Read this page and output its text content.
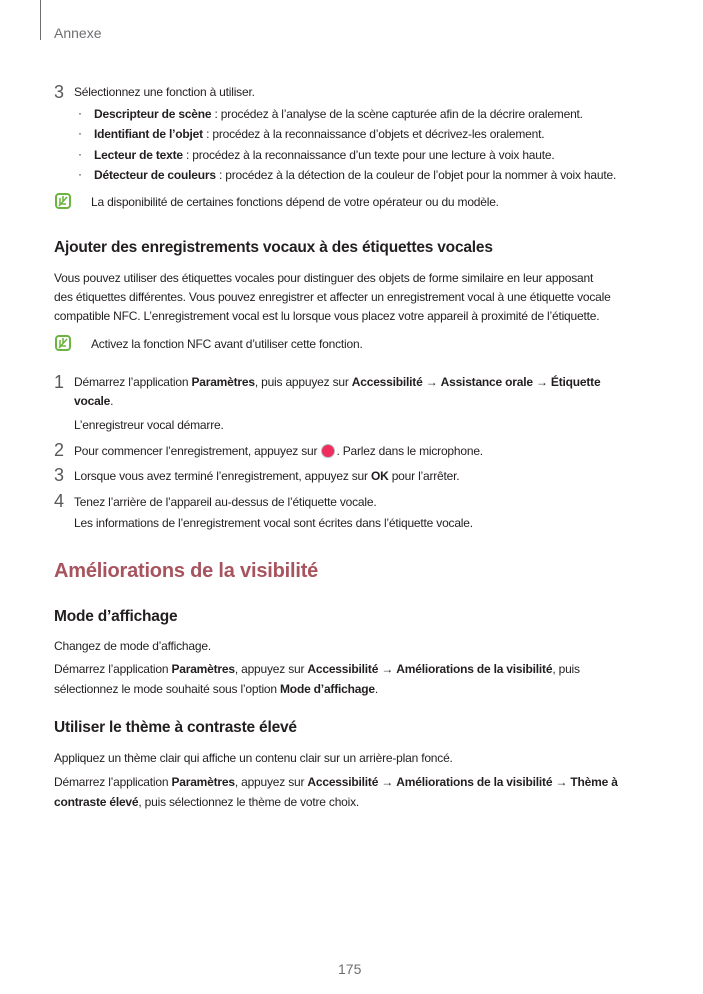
Annexe
3 Sélectionnez une fonction à utiliser.
· Descripteur de scène : procédez à l’analyse de la scène capturée afin de la décrire oralement.
· Identifiant de l’objet : procédez à la reconnaissance d’objets et décrivez-les oralement.
· Lecteur de texte : procédez à la reconnaissance d’un texte pour une lecture à voix haute.
· Détecteur de couleurs : procédez à la détection de la couleur de l’objet pour la nommer à voix haute.
La disponibilité de certaines fonctions dépend de votre opérateur ou du modèle.
Ajouter des enregistrements vocaux à des étiquettes vocales
Vous pouvez utiliser des étiquettes vocales pour distinguer des objets de forme similaire en leur apposant
des étiquettes différentes. Vous pouvez enregistrer et affecter un enregistrement vocal à une étiquette vocale
compatible NFC. L’enregistrement vocal est lu lorsque vous placez votre appareil à proximité de l’étiquette.
Activez la fonction NFC avant d’utiliser cette fonction.
1 Démarrez l’application Paramètres, puis appuyez sur Accessibilité → Assistance orale → Étiquette
vocale.
L’enregistreur vocal démarre.
2 Pour commencer l’enregistrement, appuyez sur . Parlez dans le microphone.
3 Lorsque vous avez terminé l’enregistrement, appuyez sur OK pour l’arrêter.
4 Tenez l’arrière de l’appareil au-dessus de l’étiquette vocale.
Les informations de l’enregistrement vocal sont écrites dans l’étiquette vocale.
Améliorations de la visibilité
Mode d’affichage
Changez de mode d’affichage.
Démarrez l’application Paramètres, appuyez sur Accessibilité → Améliorations de la visibilité, puis
sélectionnez le mode souhaité sous l’option Mode d’affichage.
Utiliser le thème à contraste élevé
Appliquez un thème clair qui affiche un contenu clair sur un arrière-plan foncé.
Démarrez l’application Paramètres, appuyez sur Accessibilité → Améliorations de la visibilité → Thème à
contraste élevé, puis sélectionnez le thème de votre choix.
175
